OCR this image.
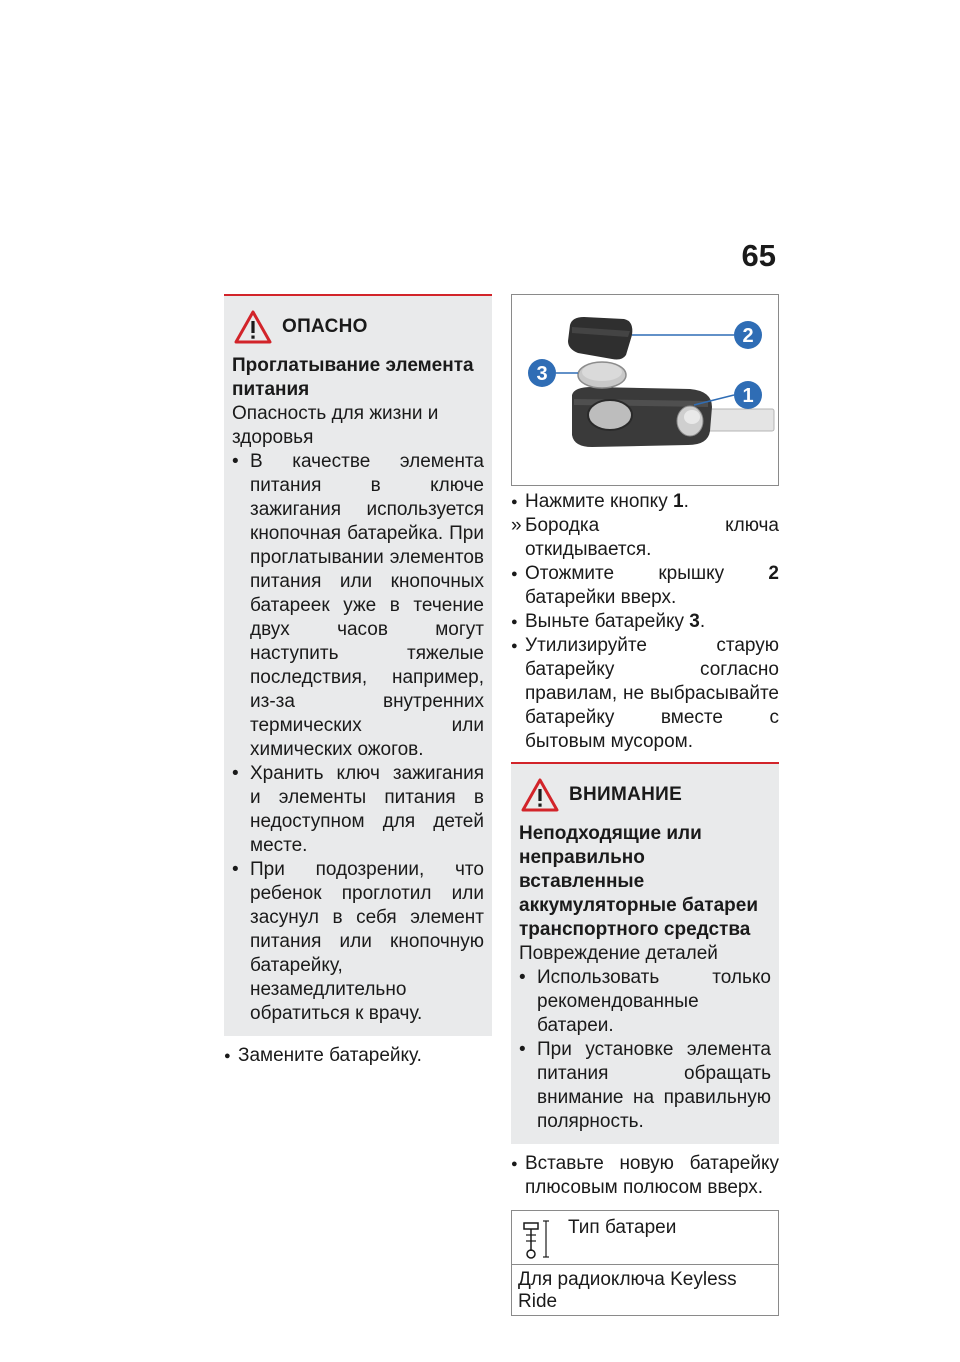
65
ОПАСНО
Проглатывание элемента питания
Опасность для жизни и здоровья
•
В качестве элемента питания в ключе зажигания используется кнопочная батарейка. При проглатывании элементов питания или кнопочных батареек уже в течение двух часов могут наступить тяжелые последствия, например, из-за внутренних термических или химических ожогов.
•
Хранить ключ зажигания и элементы питания в недоступном для детей месте.
•
При подозрении, что ребенок проглотил или засунул в себя элемент питания или кнопочную батарейку, незамедлительно обратиться к врачу.
●
Замените батарейку.
2
3
1
●
Нажмите кнопку 1.
»
Бородка ключа откидывается.
●
Отожмите крышку 2 батарейки вверх.
●
Выньте батарейку 3.
●
Утилизируйте старую батарейку согласно правилам, не выбрасывайте батарейку вместе с бытовым мусором.
ВНИМАНИЕ
Неподходящие или неправильно вставленные аккумуляторные батареи транспортного средства
Повреждение деталей
•
Использовать только рекомендованные батареи.
•
При установке элемента питания обращать внимание на правильную полярность.
●
Вставьте новую батарейку плюсовым полюсом вверх.
Тип батареи
Для радиоключа Keyless Ride
